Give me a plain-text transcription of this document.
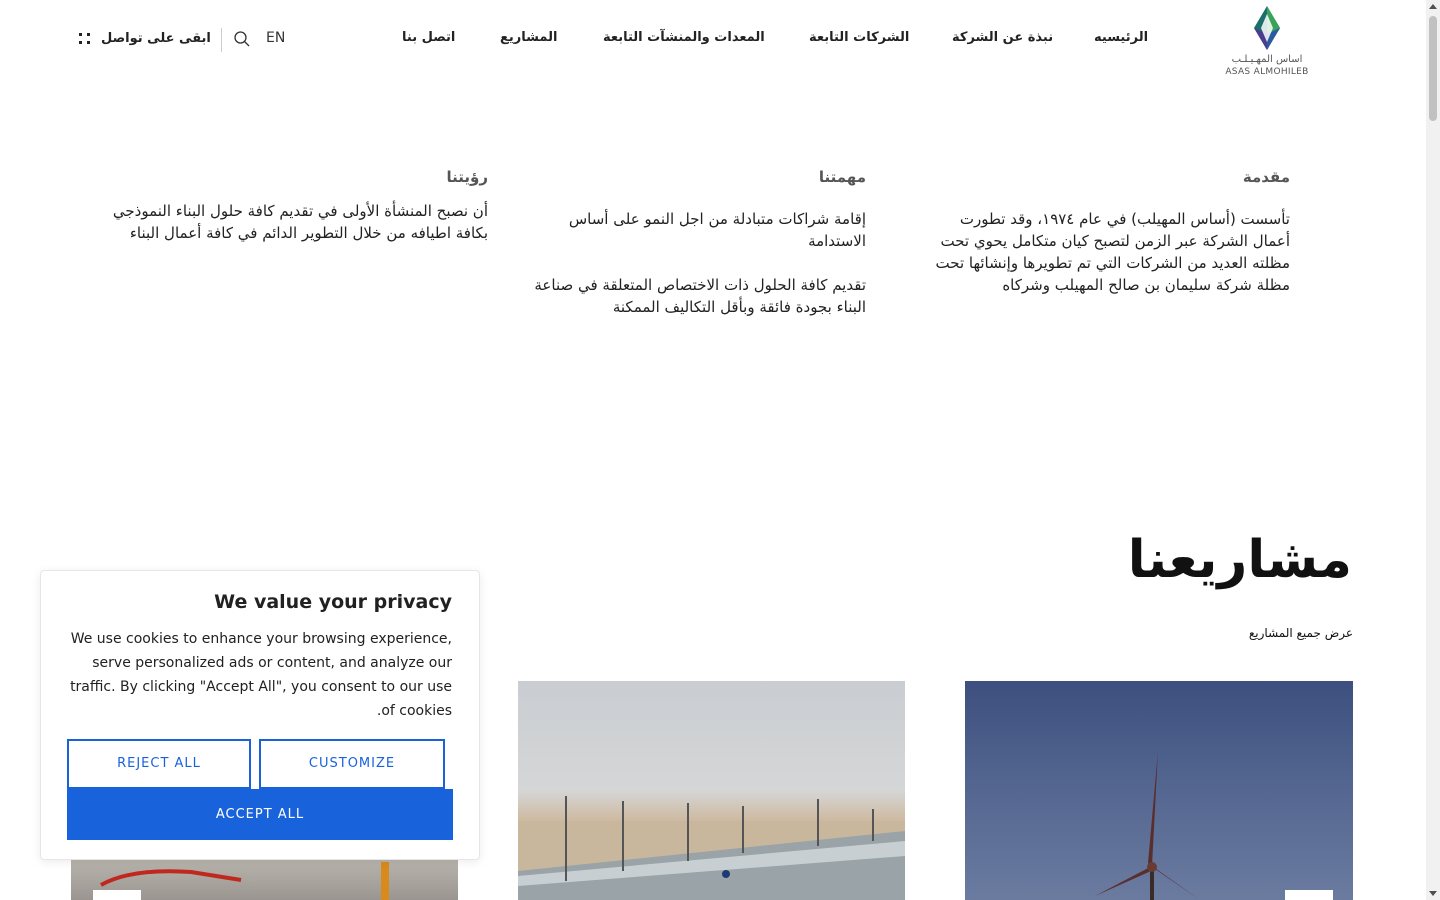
اساس المهـيـلـب
ASAS ALMOHILEB
الرئيسيه
نبذة عن الشركة
الشركات التابعة
المعدات والمنشآت التابعة
المشاريع
اتصل بنا
EN
ابقى على تواصل
مقدمة

تأسست (أساس المهيلب) في عام ١٩٧٤، وقد تطورت أعمال الشركة عبر الزمن لتصبح كيان متكامل يحوي تحت مظلته العديد من الشركات التي تم تطويرها وإنشائها تحت مظلة شركة سليمان بن صالح المهيلب وشركاه

مهمتنا

إقامة شراكات متبادلة من اجل النمو على أساس الاستدامة

تقديم كافة الحلول ذات الاختصاص المتعلقة في صناعة البناء بجودة فائقة وبأقل التكاليف الممكنة

رؤيتنا

أن نصبح المنشأة الأولى في تقديم كافة حلول البناء النموذجي بكافة اطيافه من خلال التطوير الدائم في كافة أعمال البناء

مشاريعنا
عرض جميع المشاريع
We value your privacy

We use cookies to enhance your browsing experience, serve personalized ads or content, and analyze our traffic. By clicking "Accept All", you consent to our use of cookies.

REJECT ALL	CUSTOMIZE
ACCEPT ALL
